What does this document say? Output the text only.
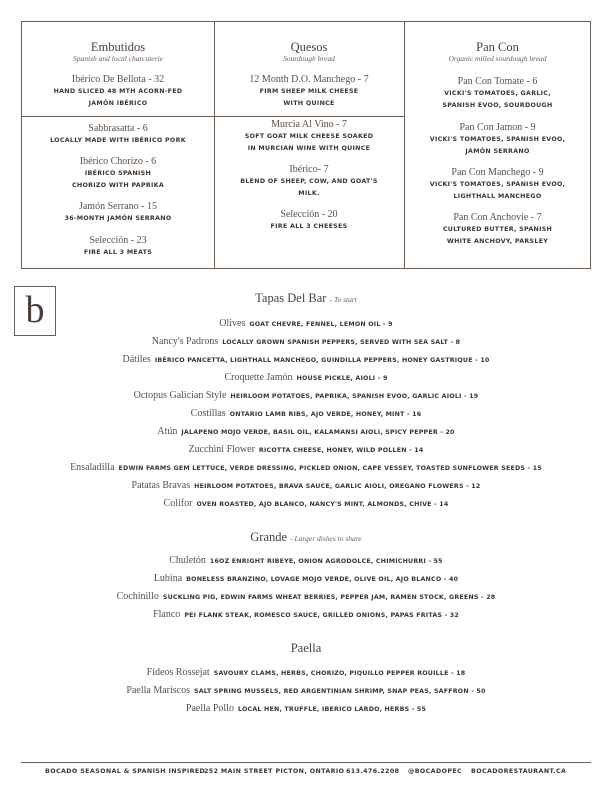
Embutidos

Spanish and local charcuterie

Ibérico De Bellota - 32

HAND SLICED 48 MTH ACORN-FED

JAMÓN IBÉRICO

Sabbrasatta - 6

LOCALLY MADE WITH IBÉRICO PORK

Ibérico Chorizo - 6

IBÉRICO SPANISH

CHORIZO WITH PAPRIKA

Jamón Serrano - 15

36-MONTH JAMÓN SERRANO

Selección - 23

FIRE ALL 3 MEATS

Quesos

Sourdough bread

12 Month D.O. Manchego - 7

FIRM SHEEP MILK CHEESE

WITH QUINCE

Murcia Al Vino - 7

SOFT GOAT MILK CHEESE SOAKED

IN MURCIAN WINE WITH QUINCE

Ibérico- 7

BLEND OF SHEEP, COW, AND GOAT'S

MILK.

Selección - 20

FIRE ALL 3 CHEESES

Pan Con

Organic milled sourdough bread

Pan Con Tomate - 6

VICKI'S TOMATOES, GARLIC,

SPANISH EVOO, SOURDOUGH

Pan Con Jamon - 9

VICKI'S TOMATOES, SPANISH EVOO,

JAMÓN SERRANO

Pan Con Manchego - 9

VICKI'S TOMATOES, SPANISH EVOO,

LIGHTHALL MANCHEGO

Pan Con Anchovie - 7

CULTURED BUTTER, SPANISH

WHITE ANCHOVY, PARSLEY

b	Tapas Del Bar - To start
Olives GOAT CHEVRE, FENNEL, LEMON OIL - 9
Nancy's Padrons LOCALLY GROWN SPANISH PEPPERS, SERVED WITH SEA SALT - 8
Dátiles IBÉRICO PANCETTA, LIGHTHALL MANCHEGO, GUINDILLA PEPPERS, HONEY GASTRIQUE - 10
Croquette Jamón HOUSE PICKLE, AIOLI - 9
Octopus Galician Style HEIRLOOM POTATOES, PAPRIKA, SPANISH EVOO, GARLIC AIOLI - 19
Costillas ONTARIO LAMB RIBS, AJO VERDE, HONEY, MINT - 16
Atún JALAPENO MOJO VERDE, BASIL OIL, KALAMANSI AIOLI, SPICY PEPPER - 20
Zucchini Flower RICOTTA CHEESE, HONEY, WILD POLLEN - 14
Ensaladilla EDWIN FARMS GEM LETTUCE, VERDE DRESSING, PICKLED ONION, CAPE VESSEY, TOASTED SUNFLOWER SEEDS - 15
Patatas Bravas HEIRLOOM POTATOES, BRAVA SAUCE, GARLIC AIOLI, OREGANO FLOWERS - 12
Colifor OVEN ROASTED, AJO BLANCO, NANCY'S MINT, ALMONDS, CHIVE - 14
Grande - Larger dishes to share
Chuletón 16OZ ENRIGHT RIBEYE, ONION AGRODOLCE, CHIMICHURRI - 55
Lubina BONELESS BRANZINO, LOVAGE MOJO VERDE, OLIVE OIL, AJO BLANCO - 40
Cochinillo SUCKLING PIG, EDWIN FARMS WHEAT BERRIES, PEPPER JAM, RAMEN STOCK, GREENS - 28
Flanco PEI FLANK STEAK, ROMESCO SAUCE, GRILLED ONIONS, PAPAS FRITAS - 32
Paella
Fideos Rossejat SAVOURY CLAMS, HERBS, CHORIZO, PIQUILLO PEPPER ROUILLE - 18
Paella Mariscos SALT SPRING MUSSELS, RED ARGENTINIAN SHRIMP, SNAP PEAS, SAFFRON - 50
Paella Pollo LOCAL HEN, TRUFFLE, IBERICO LARDO, HERBS - 55
BOCADO SEASONAL & SPANISH INSPIRED
252 MAIN STREET PICTON, ONTARIO 613.476.2208 @BOCADOPEC BOCADORESTAURANT.CA
